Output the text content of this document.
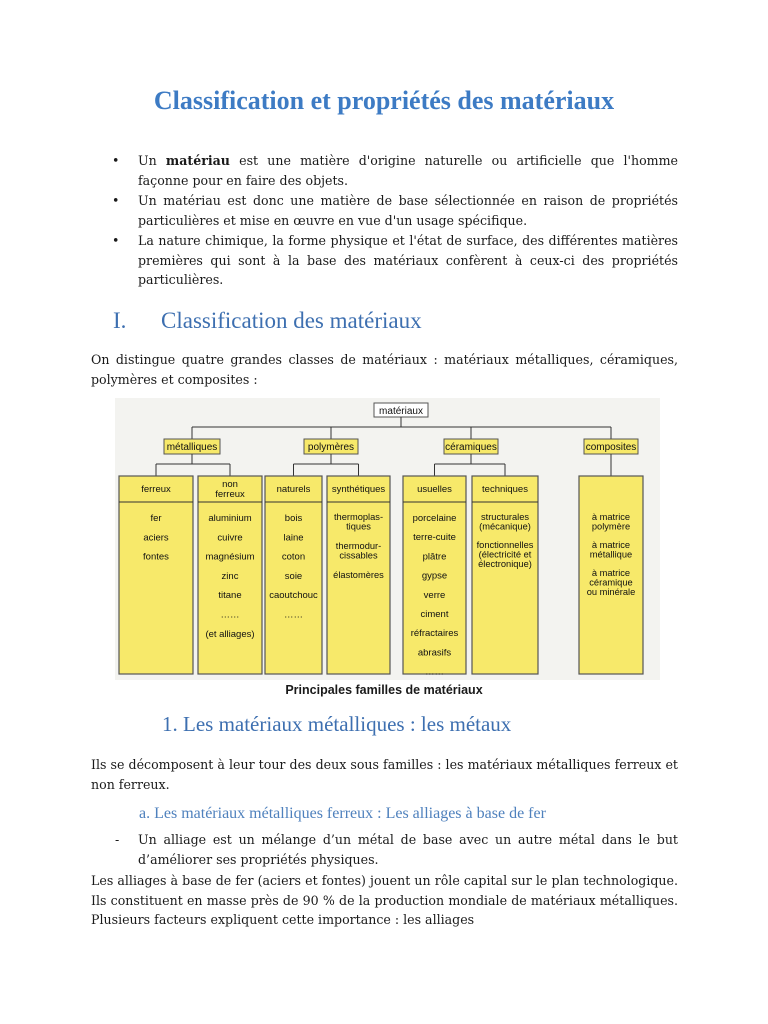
Classification et propriétés des matériaux
• Un matériau est une matière d'origine naturelle ou artificielle que l'homme façonne pour en faire des objets.
• Un matériau est donc une matière de base sélectionnée en raison de propriétés particulières et mise en œuvre en vue d'un usage spécifique.
• La nature chimique, la forme physique et l'état de surface, des différentes matières premières qui sont à la base des matériaux confèrent à ceux-ci des propriétés particulières.
I. Classification des matériaux

On distingue quatre grandes classes de matériaux : matériaux métalliques, céramiques, polymères et composites :

matériaux
métalliques	polymères	céramiques	composites
ferreux
fer
aciers
fontes
non
ferreux
aluminium
cuivre
magnésium
zinc
titane
……
(et alliages)
naturels
bois
laine
coton
soie
caoutchouc
……
synthétiques
thermoplas-
tiques
thermodur-
cissables
élastomères
usuelles
porcelaine
terre-cuite
plâtre
gypse
verre
ciment
réfractaires
abrasifs
……
techniques
structurales
(mécanique)
fonctionnelles
(électricité et
électronique)
à matrice
polymère
à matrice
métallique
à matrice
céramique
ou minérale
Principales familles de matériaux
1. Les matériaux métalliques : les métaux

Ils se décomposent à leur tour des deux sous familles : les matériaux métalliques ferreux et non ferreux.

a. Les matériaux métalliques ferreux : Les alliages à base de fer
- Un alliage est un mélange d’un métal de base avec un autre métal dans le but d’améliorer ses propriétés physiques.

Les alliages à base de fer (aciers et fontes) jouent un rôle capital sur le plan technologique. Ils constituent en masse près de 90 % de la production mondiale de matériaux métalliques. Plusieurs facteurs expliquent cette importance : les alliages
